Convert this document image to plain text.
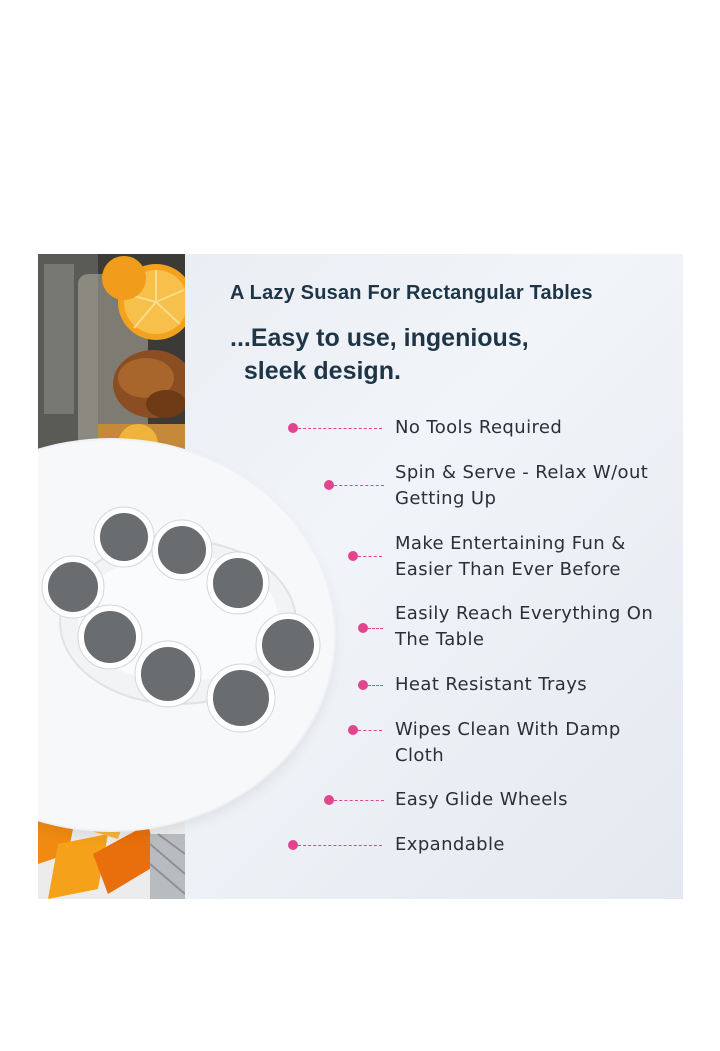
A Lazy Susan For Rectangular Tables
...Easy to use, ingenious,
sleek design.
No Tools Required
Spin & Serve - Relax W/out Getting Up
Make Entertaining Fun & Easier Than Ever Before
Easily Reach Everything On The Table
Heat Resistant Trays
Wipes Clean With Damp Cloth
Easy Glide Wheels
Expandable
